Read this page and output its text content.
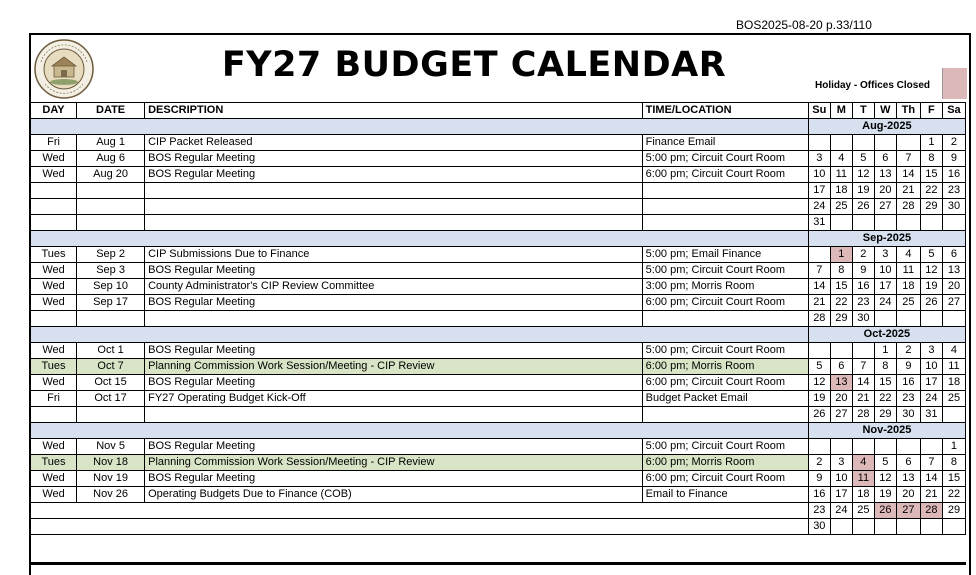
BOS2025-08-20 p.33/110
FY27 BUDGET CALENDAR
Holiday - Offices Closed
DAY	DATE	DESCRIPTION	TIME/LOCATION	Su	M	T	W	Th	F	Sa
				Aug-2025						
Fri	Aug 1	CIP Packet Released	Finance Email						1	2
Wed	Aug 6	BOS Regular Meeting	5:00 pm; Circuit Court Room	3	4	5	6	7	8	9
Wed	Aug 20	BOS Regular Meeting	6:00 pm; Circuit Court Room	10	11	12	13	14	15	16
				17	18	19	20	21	22	23
				24	25	26	27	28	29	30
				31						
				Sep-2025						
Tues	Sep 2	CIP Submissions Due to Finance	5:00 pm; Email Finance		1	2	3	4	5	6
Wed	Sep 3	BOS Regular Meeting	5:00 pm; Circuit Court Room	7	8	9	10	11	12	13
Wed	Sep 10	County Administrator's CIP Review Committee	3:00 pm; Morris Room	14	15	16	17	18	19	20
Wed	Sep 17	BOS Regular Meeting	6:00 pm; Circuit Court Room	21	22	23	24	25	26	27
				28	29	30				
				Oct-2025						
Wed	Oct 1	BOS Regular Meeting	5:00 pm; Circuit Court Room				1	2	3	4
Tues	Oct 7	Planning Commission Work Session/Meeting - CIP Review	6:00 pm; Morris Room	5	6	7	8	9	10	11
Wed	Oct 15	BOS Regular Meeting	6:00 pm; Circuit Court Room	12	13	14	15	16	17	18
Fri	Oct 17	FY27 Operating Budget Kick-Off	Budget Packet Email	19	20	21	22	23	24	25
				26	27	28	29	30	31	
				Nov-2025						
Wed	Nov 5	BOS Regular Meeting	5:00 pm; Circuit Court Room							1
Tues	Nov 18	Planning Commission Work Session/Meeting - CIP Review	6:00 pm; Morris Room	2	3	4	5	6	7	8
Wed	Nov 19	BOS Regular Meeting	6:00 pm; Circuit Court Room	9	10	11	12	13	14	15
Wed	Nov 26	Operating Budgets Due to Finance (COB)	Email to Finance	16	17	18	19	20	21	22
				23	24	25	26	27	28	29
				30						
